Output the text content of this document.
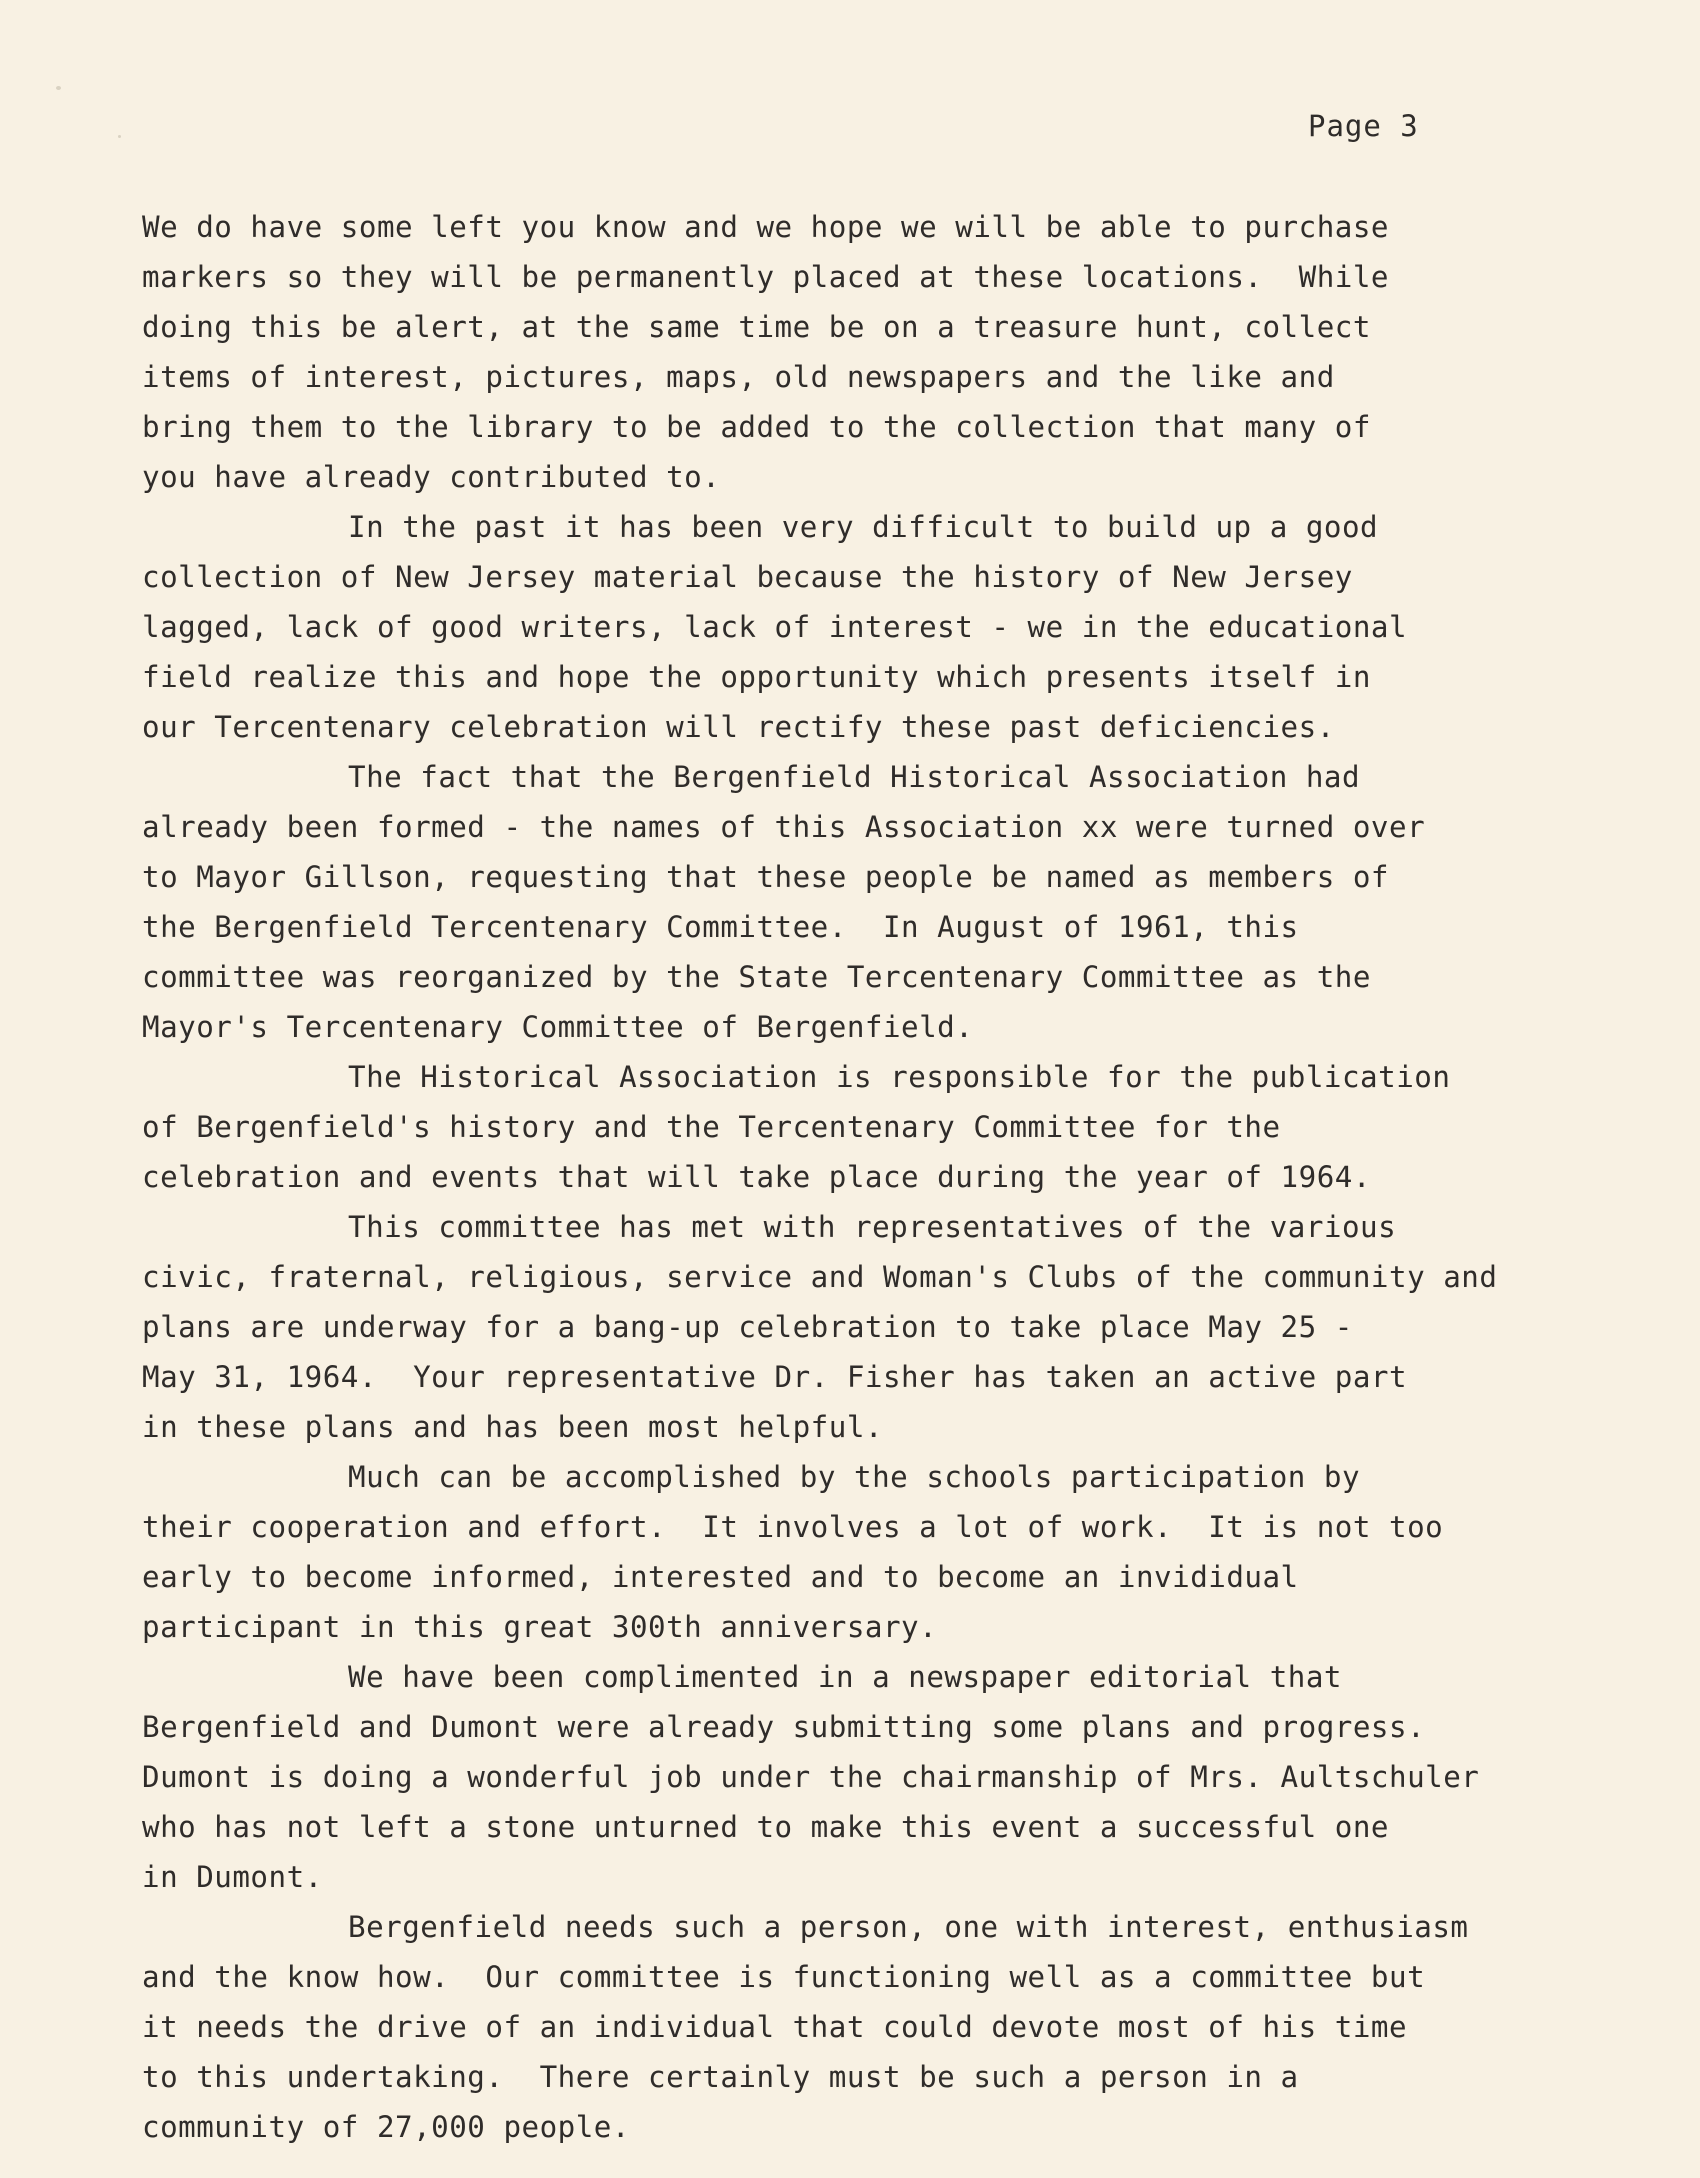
Page 3
We do have some left you know and we hope we will be able to purchase
markers so they will be permanently placed at these locations.  While
doing this be alert, at the same time be on a treasure hunt, collect
items of interest, pictures, maps, old newspapers and the like and
bring them to the library to be added to the collection that many of
you have already contributed to.
In the past it has been very difficult to build up a good
collection of New Jersey material because the history of New Jersey
lagged, lack of good writers, lack of interest - we in the educational
field realize this and hope the opportunity which presents itself in
our Tercentenary celebration will rectify these past deficiencies.
The fact that the Bergenfield Historical Association had
already been formed - the names of this Association xx were turned over
to Mayor Gillson, requesting that these people be named as members of
the Bergenfield Tercentenary Committee.  In August of 1961, this
committee was reorganized by the State Tercentenary Committee as the
Mayor's Tercentenary Committee of Bergenfield.
The Historical Association is responsible for the publication
of Bergenfield's history and the Tercentenary Committee for the
celebration and events that will take place during the year of 1964.
This committee has met with representatives of the various
civic, fraternal, religious, service and Woman's Clubs of the community and
plans are underway for a bang-up celebration to take place May 25 -
May 31, 1964.  Your representative Dr. Fisher has taken an active part
in these plans and has been most helpful.
Much can be accomplished by the schools participation by
their cooperation and effort.  It involves a lot of work.  It is not too
early to become informed, interested and to become an invididual
participant in this great 300th anniversary.
We have been complimented in a newspaper editorial that
Bergenfield and Dumont were already submitting some plans and progress.
Dumont is doing a wonderful job under the chairmanship of Mrs. Aultschuler
who has not left a stone unturned to make this event a successful one
in Dumont.
Bergenfield needs such a person, one with interest, enthusiasm
and the know how.  Our committee is functioning well as a committee but
it needs the drive of an individual that could devote most of his time
to this undertaking.  There certainly must be such a person in a
community of 27,000 people.
